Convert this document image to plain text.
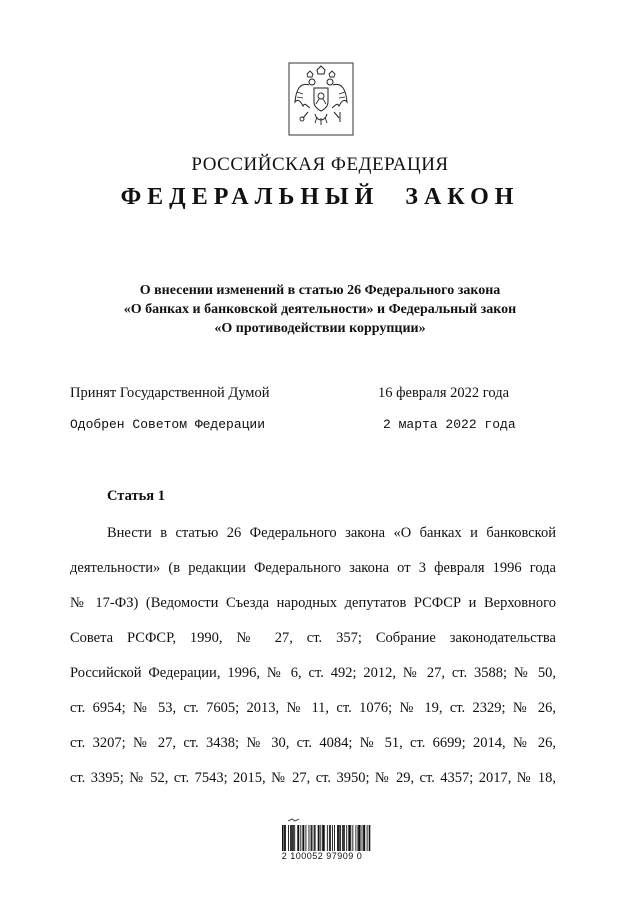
РОССИЙСКАЯ ФЕДЕРАЦИЯ
ФЕДЕРАЛЬНЫЙ ЗАКОН
О внесении изменений в статью 26 Федерального закона
«О банках и банковской деятельности» и Федеральный закон
«О противодействии коррупции»
Принят Государственной Думой	16 февраля 2022 года
Одобрен Советом Федерации	2 марта 2022 года
Статья 1
Внести в статью 26 Федерального закона «О банках и банковской
деятельности» (в редакции Федерального закона от 3 февраля 1996 года
№ 17-ФЗ) (Ведомости Съезда народных депутатов РСФСР и Верховного
Совета РСФСР, 1990, № 27, ст. 357; Собрание законодательства
Российской Федерации, 1996, № 6, ст. 492; 2012, № 27, ст. 3588; № 50,
ст. 6954; № 53, ст. 7605; 2013, № 11, ст. 1076; № 19, ст. 2329; № 26,
ст. 3207; № 27, ст. 3438; № 30, ст. 4084; № 51, ст. 6699; 2014, № 26,
ст. 3395; № 52, ст. 7543; 2015, № 27, ст. 3950; № 29, ст. 4357; 2017, № 18,
2 100052 97909 0
